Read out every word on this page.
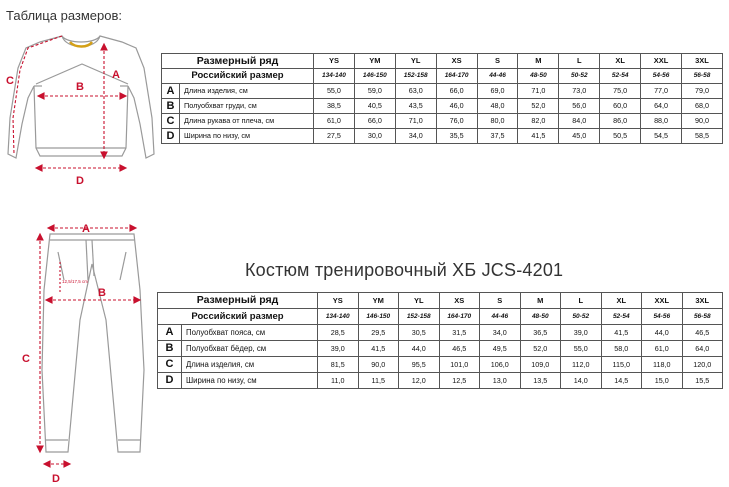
Таблица размеров:
A
B
C
D
Размерный ряд		YS	YM	YL	XS	S	M	L	XL	XXL	3XL
Российский размер		134-140	146-150	152-158	164-170	44-46	48-50	50-52	52-54	54-56	56-58
A	Длина изделия, см	55,0	59,0	63,0	66,0	69,0	71,0	73,0	75,0	77,0	79,0
B	Полуобхват груди, см	38,5	40,5	43,5	46,0	48,0	52,0	56,0	60,0	64,0	68,0
C	Длина рукава от плеча, см	61,0	66,0	71,0	76,0	80,0	82,0	84,0	86,0	88,0	90,0
D	Ширина по низу, см	27,5	30,0	34,0	35,5	37,5	41,5	45,0	50,5	54,5	58,5
A
B
C
D
12,5/17,5 cm
Костюм тренировочный ХБ JCS-4201
Размерный ряд		YS	YM	YL	XS	S	M	L	XL	XXL	3XL
Российский размер		134-140	146-150	152-158	164-170	44-46	48-50	50-52	52-54	54-56	56-58
A	Полуобхват пояса, см	28,5	29,5	30,5	31,5	34,0	36,5	39,0	41,5	44,0	46,5
B	Полуобхват бёдер, см	39,0	41,5	44,0	46,5	49,5	52,0	55,0	58,0	61,0	64,0
C	Длина изделия, см	81,5	90,0	95,5	101,0	106,0	109,0	112,0	115,0	118,0	120,0
D	Ширина по низу, см	11,0	11,5	12,0	12,5	13,0	13,5	14,0	14,5	15,0	15,5
